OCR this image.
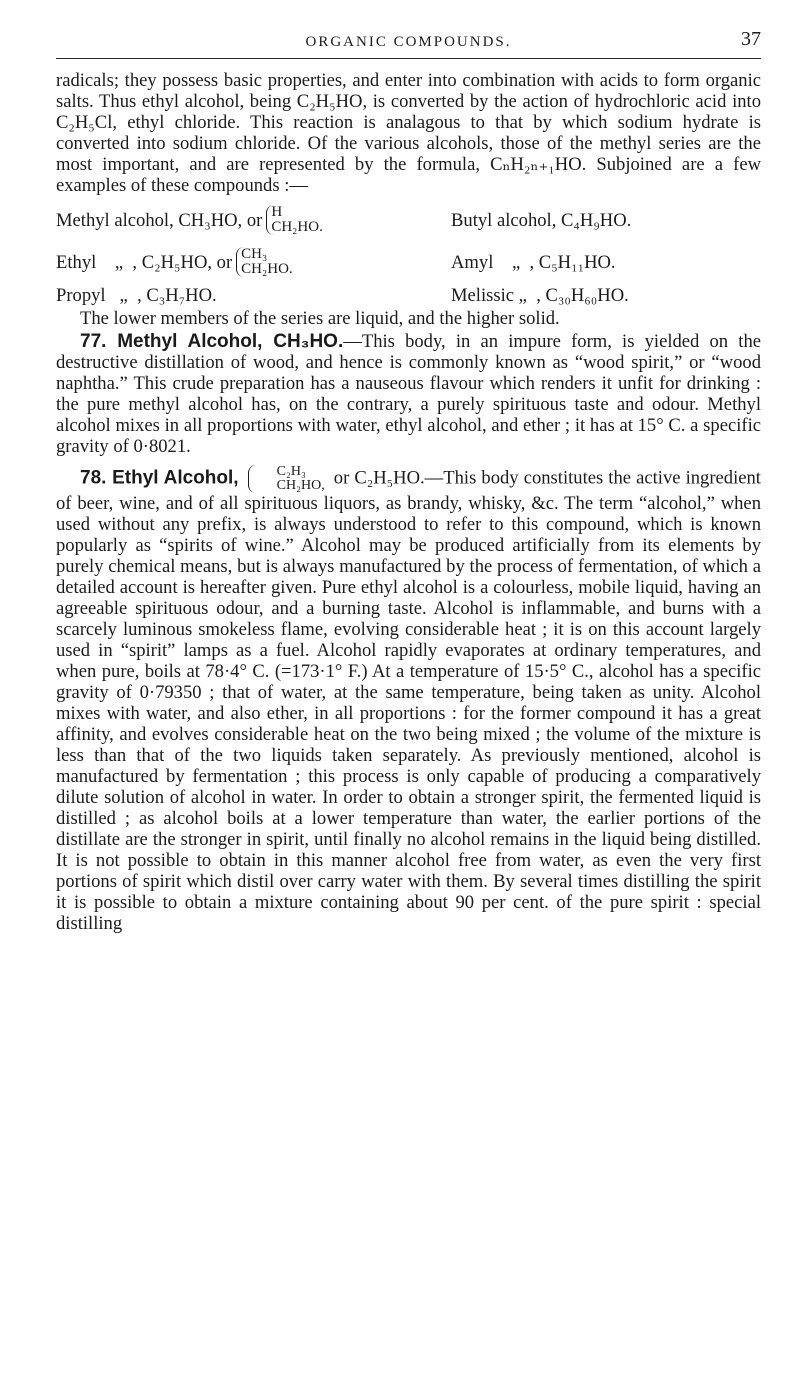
ORGANIC COMPOUNDS.	37

radicals; they possess basic properties, and enter into combination with acids to form organic salts. Thus ethyl alcohol, being C₂H₅HO, is converted by the action of hydrochloric acid into C₂H₅Cl, ethyl chloride. This reaction is analagous to that by which sodium hydrate is converted into sodium chloride. Of the various alcohols, those of the methyl series are the most important, and are represented by the formula, CₙH₂ₙ₊₁HO. Subjoined are a few examples of these compounds :—

Methyl alcohol, CH₃HO, or H
CH₂HO.	Butyl alcohol, C₄H₉HO.
Ethyl    „  , C₂H₅HO, or CH₃
CH₂HO.	Amyl    „  , C₅H₁₁HO.
Propyl   „  , C₃H₇HO.	Melissic „  , C₃₀H₆₀HO.

The lower members of the series are liquid, and the higher solid.

77. Methyl Alcohol, CH₃HO.—This body, in an impure form, is yielded on the destructive distillation of wood, and hence is commonly known as “wood spirit,” or “wood naphtha.” This crude preparation has a nauseous flavour which renders it unfit for drinking : the pure methyl alcohol has, on the contrary, a purely spirituous taste and odour. Methyl alcohol mixes in all proportions with water, ethyl alcohol, and ether ; it has at 15° C. a specific gravity of 0·8021.

78. Ethyl Alcohol,	C₂H₃
CH₂HO, or C₂H₅HO.—This body constitutes the active ingredient of beer, wine, and of all spirituous liquors, as brandy, whisky, &c. The term “alcohol,” when used without any prefix, is always understood to refer to this compound, which is known popularly as “spirits of wine.” Alcohol may be produced artificially from its elements by purely chemical means, but is always manufactured by the process of fermentation, of which a detailed account is hereafter given. Pure ethyl alcohol is a colourless, mobile liquid, having an agreeable spirituous odour, and a burning taste. Alcohol is inflammable, and burns with a scarcely luminous smokeless flame, evolving considerable heat ; it is on this account largely used in “spirit” lamps as a fuel. Alcohol rapidly evaporates at ordinary temperatures, and when pure, boils at 78·4° C. (=173·1° F.) At a temperature of 15·5° C., alcohol has a specific gravity of 0·79350 ; that of water, at the same temperature, being taken as unity. Alcohol mixes with water, and also ether, in all proportions : for the former compound it has a great affinity, and evolves considerable heat on the two being mixed ; the volume of the mixture is less than that of the two liquids taken separately. As previously mentioned, alcohol is manufactured by fermentation ; this process is only capable of producing a comparatively dilute solution of alcohol in water. In order to obtain a stronger spirit, the fermented liquid is distilled ; as alcohol boils at a lower temperature than water, the earlier portions of the distillate are the stronger in spirit, until finally no alcohol remains in the liquid being distilled. It is not possible to obtain in this manner alcohol free from water, as even the very first portions of spirit which distil over carry water with them. By several times distilling the spirit it is possible to obtain a mixture containing about 90 per cent. of the pure spirit : special distilling
